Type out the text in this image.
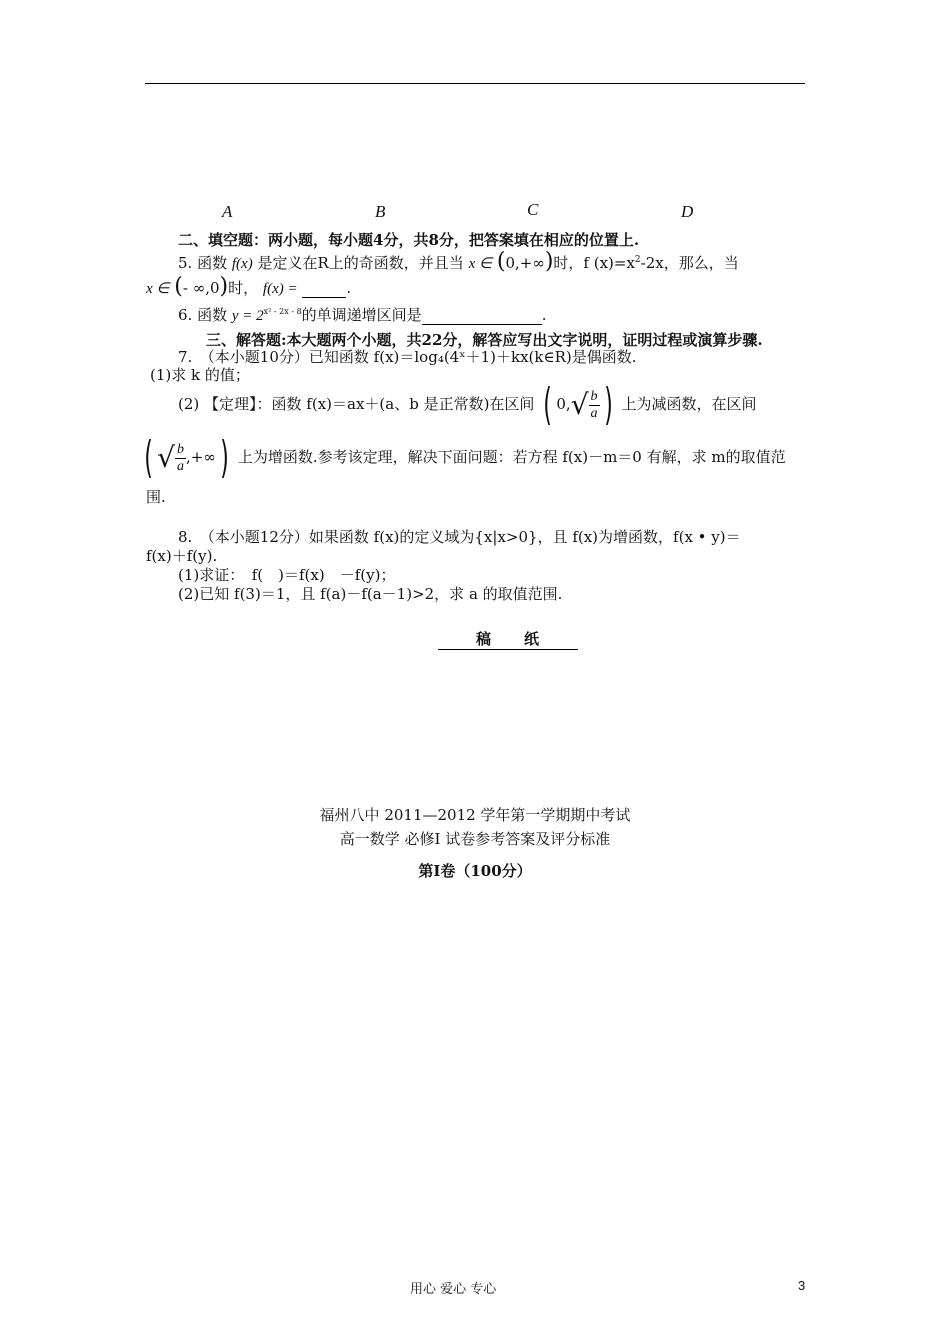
A	B	C	D
二、填空题：两小题，每小题4分，共8分，把答案填在相应的位置上.
5. 函数 f(x) 是定义在R上的奇函数，并且当 x ∈ (0,+∞)时，f $(x)=x^2-2x$，那么，当
x ∈ (- ∞,0)时， f(x) =	.
6. 函数 $y = 2^{x^2 - 2x - 8}$的单调递增区间是	.
三、解答题:本大题两个小题，共22分，解答应写出文字说明，证明过程或演算步骤.
7.　（本小题10分）已知函数 f(x)＝log₄(4ˣ＋1)＋kx(k∈R)是偶函数.
(1)求 k 的值；
(2) 【定理】：函数 f(x)＝ax＋(a、b 是正常数)在区间 ( $0,√ \frac{b}{a}$ ) 上为减函数，在区间
( √ $\frac{b}{a}$ ,+∞) 上为增函数.参考该定理，解决下面问题：若方程 f(x)－m＝0 有解，求 m的取值范
围.
8.　（本小题12分）如果函数 f(x)的定义域为{x|x>0}，且 f(x)为增函数，f(x • y)＝
f(x)＋f(y).
(1)求证：　f(　)＝f(x)　－f(y)；
(2)已知 f(3)＝1，且 f(a)－f(a－1)>2，求 a 的取值范围.
稿　　纸
福州八中 2011—2012 学年第一学期期中考试
高一数学 必修Ⅰ 试卷参考答案及评分标准
第Ⅰ卷（100分）
用心 爱心 专心	3
